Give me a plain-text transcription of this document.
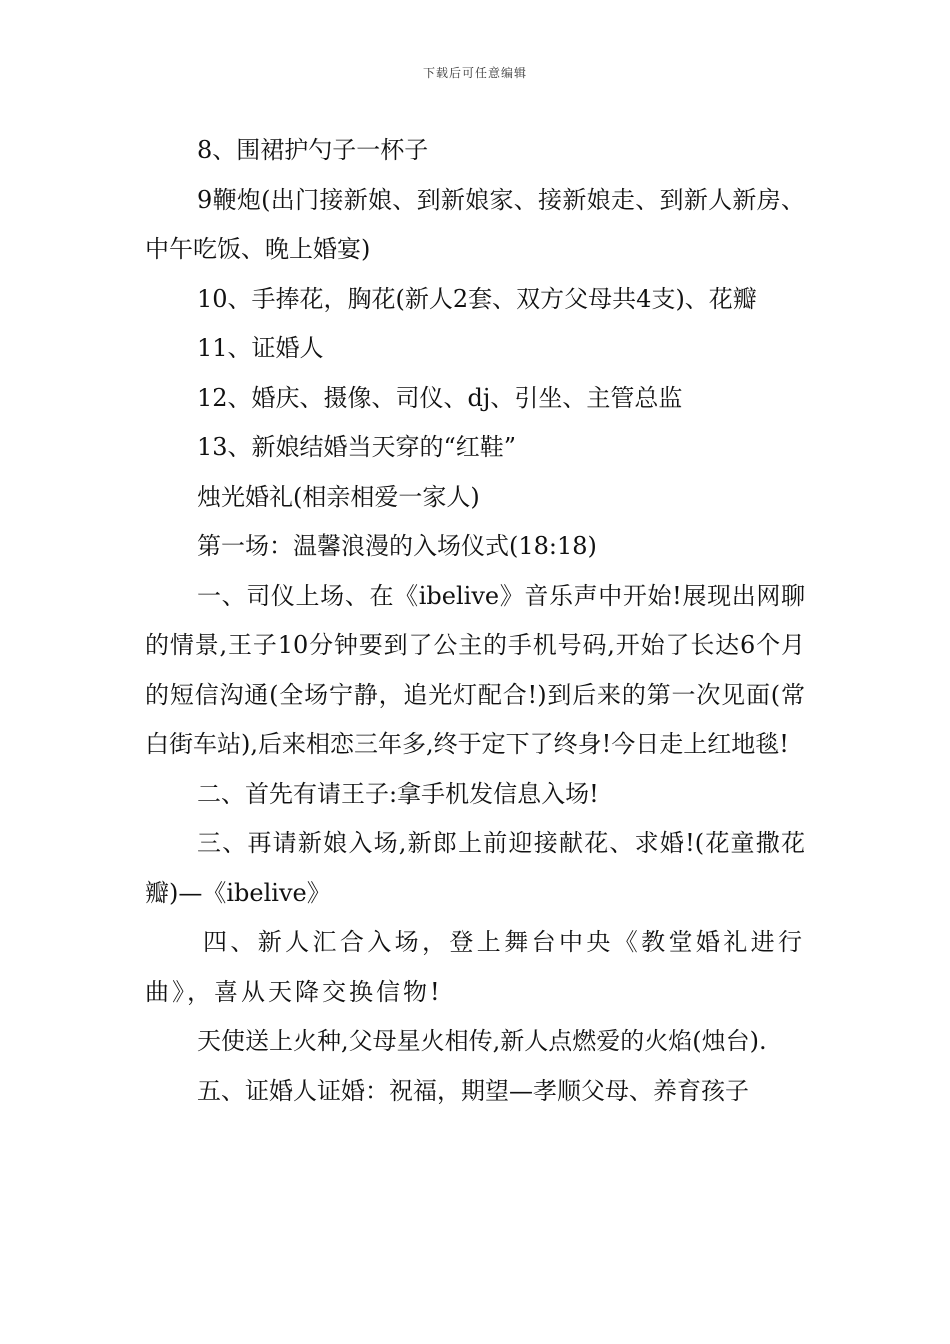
下载后可任意编辑

8、围裙护勺子一杯子

9鞭炮(出门接新娘、到新娘家、接新娘走、到新人新房、中午吃饭、晚上婚宴)

10、手捧花，胸花(新人2套、双方父母共4支)、花瓣

11、证婚人

12、婚庆、摄像、司仪、dj、引坐、主管总监

13、新娘结婚当天穿的“红鞋”

烛光婚礼(相亲相爱一家人)

第一场：温馨浪漫的入场仪式(18:18)

一、司仪上场、在《ibelive》音乐声中开始!展现出网聊的情景,王子10分钟要到了公主的手机号码,开始了长达6个月的短信沟通(全场宁静，追光灯配合!)到后来的第一次见面(常白街车站),后来相恋三年多,终于定下了终身!今日走上红地毯!

二、首先有请王子:拿手机发信息入场!

三、再请新娘入场,新郎上前迎接献花、求婚!(花童撒花瓣)—《ibelive》

四、新人汇合入场，登上舞台中央《教堂婚礼进行曲》，喜从天降交换信物!

天使送上火种,父母星火相传,新人点燃爱的火焰(烛台).

五、证婚人证婚：祝福，期望—孝顺父母、养育孩子
